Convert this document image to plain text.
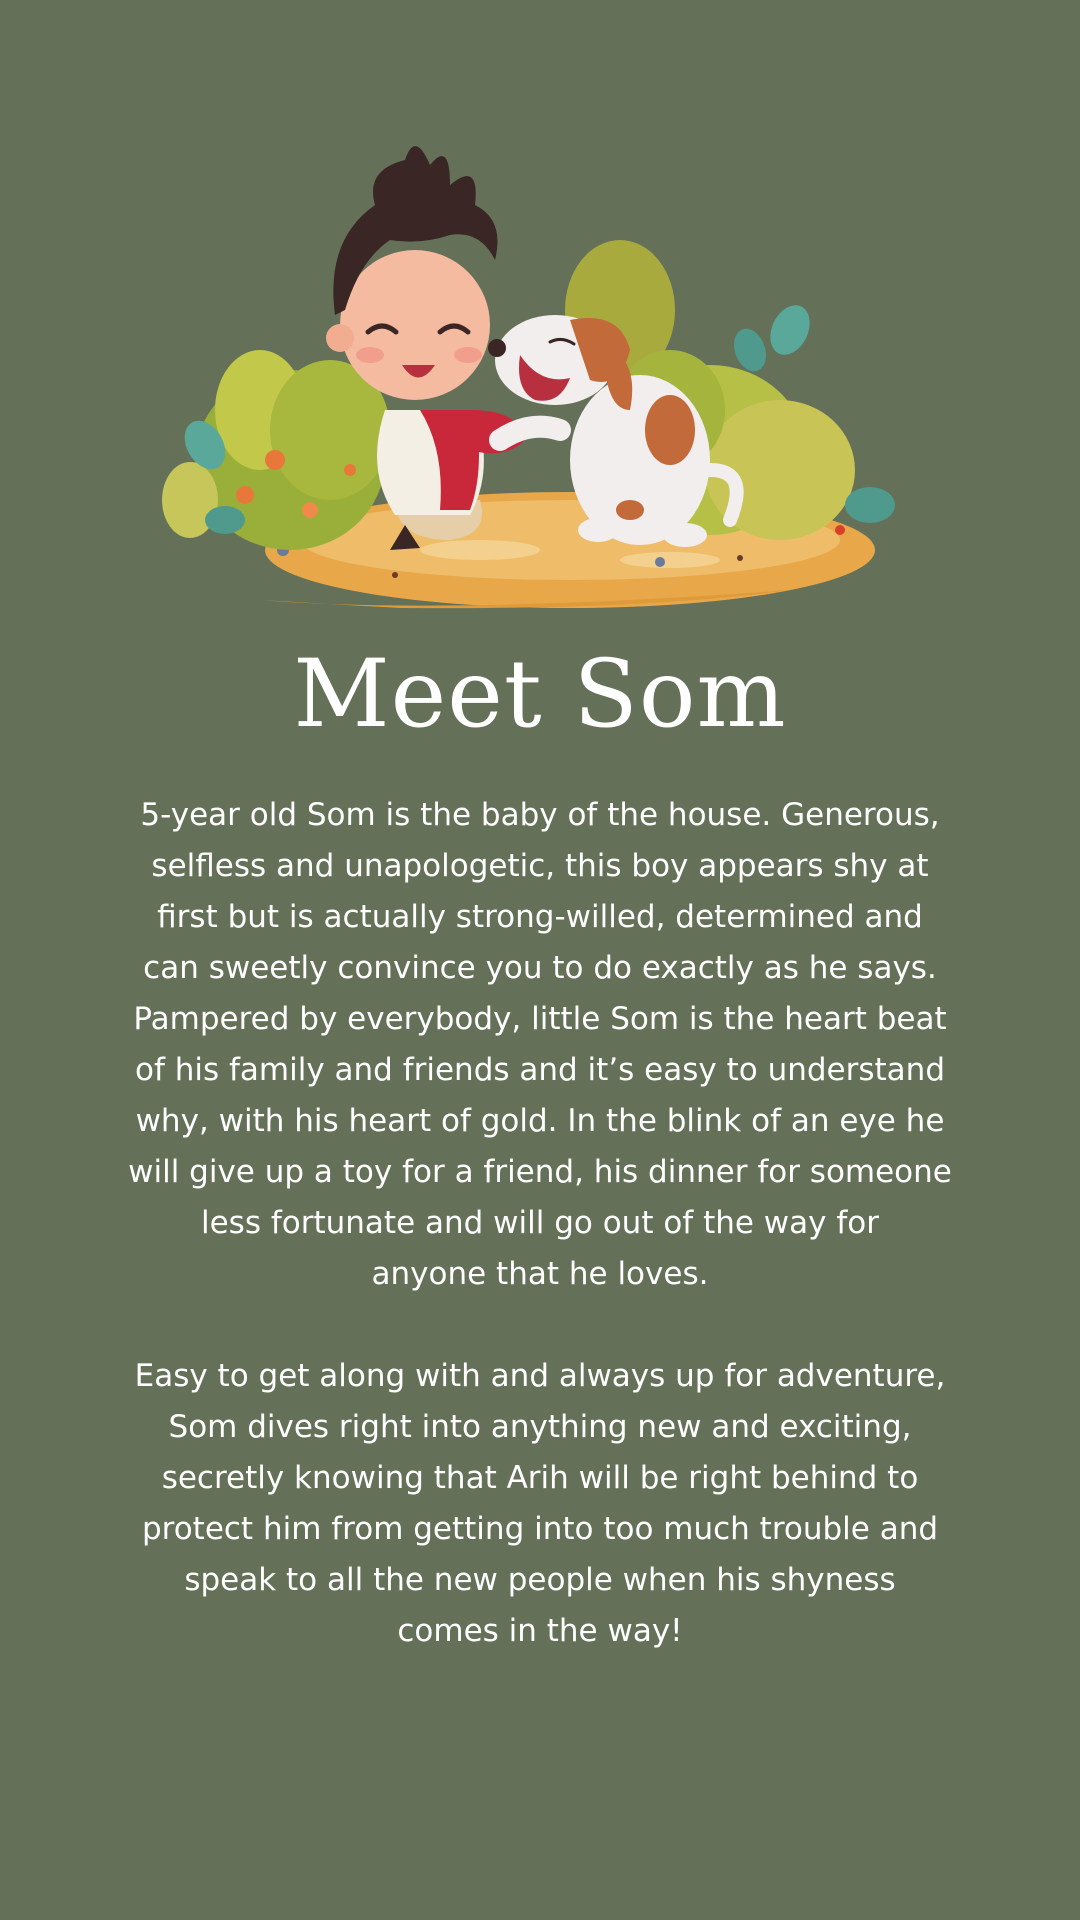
Meet Som

5-year old Som is the baby of the house. Generous,
selfless and unapologetic, this boy appears shy at
first but is actually strong-willed, determined and
can sweetly convince you to do exactly as he says.
Pampered by everybody, little Som is the heart beat
of his family and friends and it’s easy to understand
why, with his heart of gold. In the blink of an eye he
will give up a toy for a friend, his dinner for someone
less fortunate and will go out of the way for
anyone that he loves.

Easy to get along with and always up for adventure,
Som dives right into anything new and exciting,
secretly knowing that Arih will be right behind to
protect him from getting into too much trouble and
speak to all the new people when his shyness
comes in the way!
